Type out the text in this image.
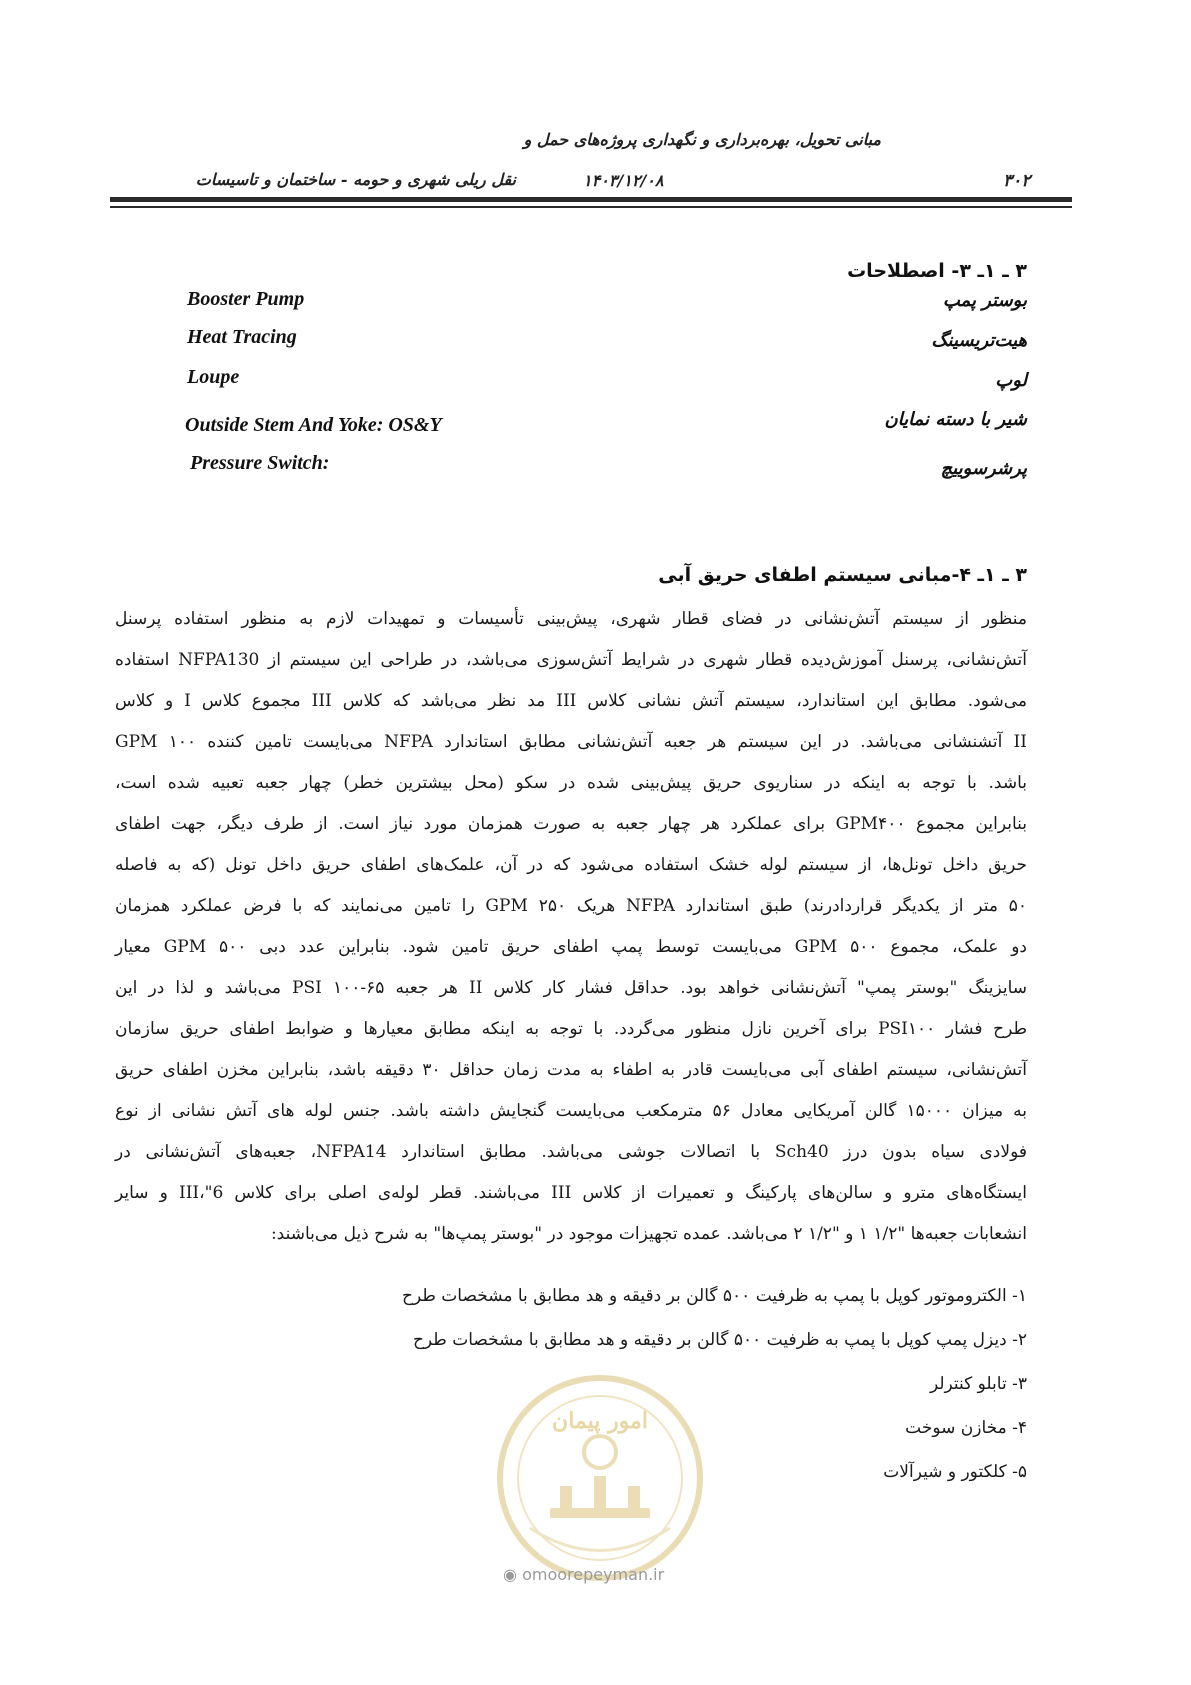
مبانی تحویل، بهره‌برداری و نگهداری پروژه‌های حمل و
نقل ریلی شهری و حومه - ساختمان و تاسیسات	۱۴۰۳/۱۲/۰۸	۳۰۲
۳ ـ ۱ـ ۳- اصطلاحات
Booster Pump	بوستر پمپ
Heat Tracing	هیت‌تریسینگ
Loupe	لوپ
Outside Stem And Yoke: OS&Y	شیر با دسته نمایان
Pressure Switch:	پرشرسوییچ
۳ ـ ۱ـ ۴-مبانی سیستم اطفای حریق آبی
منظور از سیستم آتش‌نشانی در فضای قطار شهری، پیش‌بینی تأسیسات و تمهیدات لازم به منظور استفاده پرسنل
آتش‌نشانی، پرسنل آموزش‌دیده قطار شهری در شرایط آتش‌سوزی می‌باشد، در طراحی این سیستم از NFPA130 استفاده
می‌شود. مطابق این استاندارد، سیستم آتش نشانی کلاس III مد نظر می‌باشد که کلاس III مجموع کلاس I و کلاس
II آتشنشانی می‌باشد. در این سیستم هر جعبه آتش‌نشانی مطابق استاندارد NFPA می‌بایست تامین کننده ۱۰۰ GPM
باشد. با توجه به اینکه در سناریوی حریق پیش‌بینی شده در سکو (محل بیشترین خطر) چهار جعبه تعبیه شده است،
بنابراین مجموع GPM۴۰۰ برای عملکرد هر چهار جعبه به صورت همزمان مورد نیاز است. از طرف دیگر، جهت اطفای
حریق داخل تونل‌ها، از سیستم لوله خشک استفاده می‌شود که در آن، علمک‌های اطفای حریق داخل تونل (که به فاصله
۵۰ متر از یکدیگر قراردادرند) طبق استاندارد NFPA هریک ۲۵۰ GPM را تامین می‌نمایند که با فرض عملکرد همزمان
دو علمک، مجموع ۵۰۰ GPM می‌بایست توسط پمپ اطفای حریق تامین شود. بنابراین عدد دبی ۵۰۰ GPM معیار
سایزینگ "بوستر پمپ" آتش‌نشانی خواهد بود. حداقل فشار کار کلاس II هر جعبه ۶۵-۱۰۰ PSI می‌باشد و لذا در این
طرح فشار PSI۱۰۰ برای آخرین نازل منظور می‌گردد. با توجه به اینکه مطابق معیارها و ضوابط اطفای حریق سازمان
آتش‌نشانی، سیستم اطفای آبی می‌بایست قادر به اطفاء به مدت زمان حداقل ۳۰ دقیقه باشد، بنابراین مخزن اطفای حریق
به میزان ۱۵۰۰۰ گالن آمریکایی معادل ۵۶ مترمکعب می‌بایست گنجایش داشته باشد. جنس لوله های آتش نشانی از نوع
فولادی سیاه بدون درز Sch40 با اتصالات جوشی می‌باشد. مطابق استاندارد NFPA14، جعبه‌های آتش‌نشانی در
ایستگاه‌های مترو و سالن‌های پارکینگ و تعمیرات از کلاس III می‌باشند. قطر لوله‌ی اصلی برای کلاس III،"6 و سایر
انشعابات جعبه‌ها "۱/۲ ۱ و "۱/۲ ۲ می‌باشد. عمده تجهیزات موجود در "بوستر پمپ‌ها" به شرح ذیل می‌باشند:
۱- الکتروموتور کوپل با پمپ به ظرفیت ۵۰۰ گالن بر دقیقه و هد مطابق با مشخصات طرح
۲- دیزل پمپ کوپل با پمپ به ظرفیت ۵۰۰ گالن بر دقیقه و هد مطابق با مشخصات طرح
۳- تابلو کنترلر
۴- مخازن سوخت
۵- کلکتور و شیرآلات
امور پیمان
◉ omoorepeyman.ir
